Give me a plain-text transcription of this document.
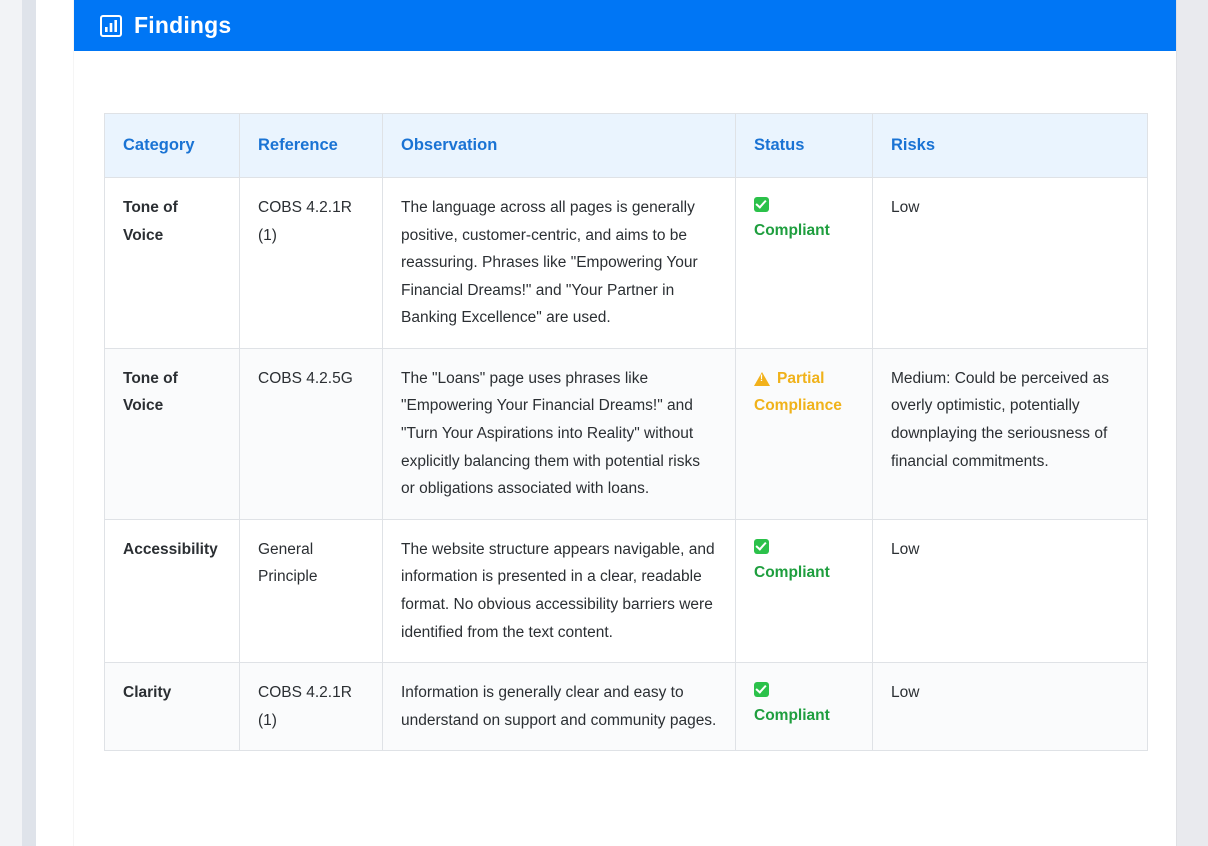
Findings
Category	Reference	Observation	Status	Risks
Tone of Voice	COBS 4.2.1R (1)	The language across all pages is generally positive, customer-centric, and aims to be reassuring. Phrases like "Empowering Your Financial Dreams!" and "Your Partner in Banking Excellence" are used.	Compliant	Low
Tone of Voice	COBS 4.2.5G	The "Loans" page uses phrases like "Empowering Your Financial Dreams!" and "Turn Your Aspirations into Reality" without explicitly balancing them with potential risks or obligations associated with loans.	!Partial Compliance	Medium: Could be perceived as overly optimistic, potentially downplaying the seriousness of financial commitments.
Accessibility	General Principle	The website structure appears navigable, and information is presented in a clear, readable format. No obvious accessibility barriers were identified from the text content.	Compliant	Low
Clarity	COBS 4.2.1R (1)	Information is generally clear and easy to understand on support and community pages.	Compliant	Low
